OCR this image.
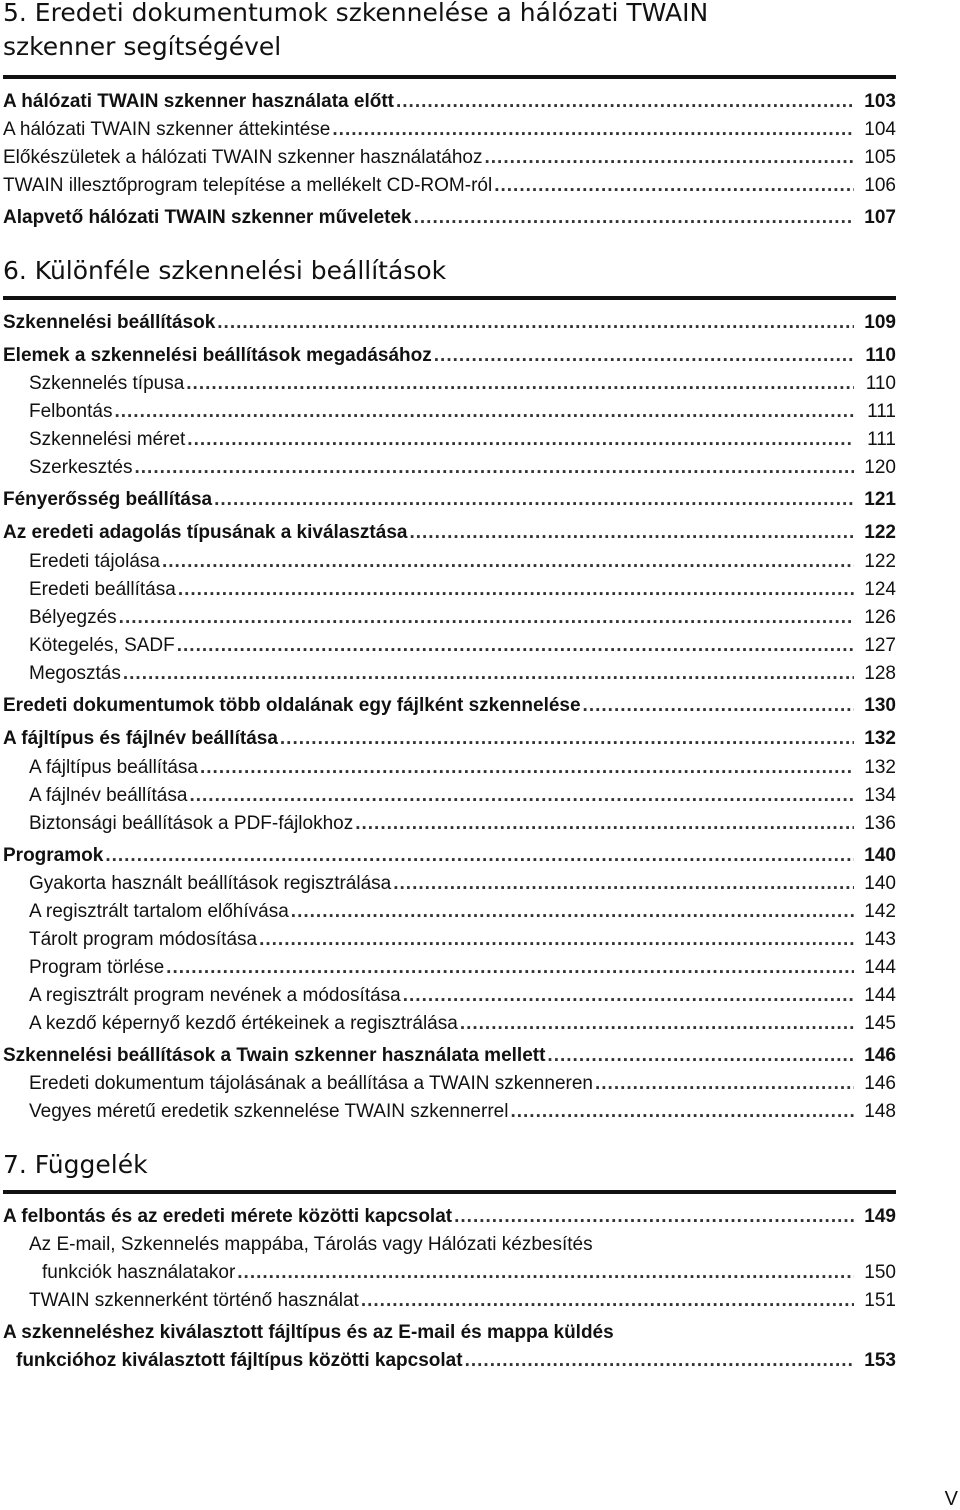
5. Eredeti dokumentumok szkennelése a hálózati TWAIN
szkenner segítségével
A hálózati TWAIN szkenner használata előtt .....	103
A hálózati TWAIN szkenner áttekintése .....	104
Előkészületek a hálózati TWAIN szkenner használatához .....	105
TWAIN illesztőprogram telepítése a mellékelt CD-ROM-ról .....	106
Alapvető hálózati TWAIN szkenner műveletek .....	107
6. Különféle szkennelési beállítások
Szkennelési beállítások .....	109
Elemek a szkennelési beállítások megadásához .....	110
Szkennelés típusa .....	110
Felbontás .....	111
Szkennelési méret .....	111
Szerkesztés .....	120
Fényerősség beállítása .....	121
Az eredeti adagolás típusának a kiválasztása .....	122
Eredeti tájolása .....	122
Eredeti beállítása .....	124
Bélyegzés .....	126
Kötegelés, SADF .....	127
Megosztás .....	128
Eredeti dokumentumok több oldalának egy fájlként szkennelése .....	130
A fájltípus és fájlnév beállítása .....	132
A fájltípus beállítása .....	132
A fájlnév beállítása .....	134
Biztonsági beállítások a PDF-fájlokhoz .....	136
Programok .....	140
Gyakorta használt beállítások regisztrálása .....	140
A regisztrált tartalom előhívása .....	142
Tárolt program módosítása .....	143
Program törlése .....	144
A regisztrált program nevének a módosítása .....	144
A kezdő képernyő kezdő értékeinek a regisztrálása .....	145
Szkennelési beállítások a Twain szkenner használata mellett .....	146
Eredeti dokumentum tájolásának a beállítása a TWAIN szkenneren .....	146
Vegyes méretű eredetik szkennelése TWAIN szkennerrel .....	148
7. Függelék
A felbontás és az eredeti mérete közötti kapcsolat .....	149
Az E-mail, Szkennelés mappába, Tárolás vagy Hálózati kézbesítés
funkciók használatakor .....	150
TWAIN szkennerként történő használat .....	151
A szkenneléshez kiválasztott fájltípus és az E-mail és mappa küldés
funkcióhoz kiválasztott fájltípus közötti kapcsolat .....	153
V
